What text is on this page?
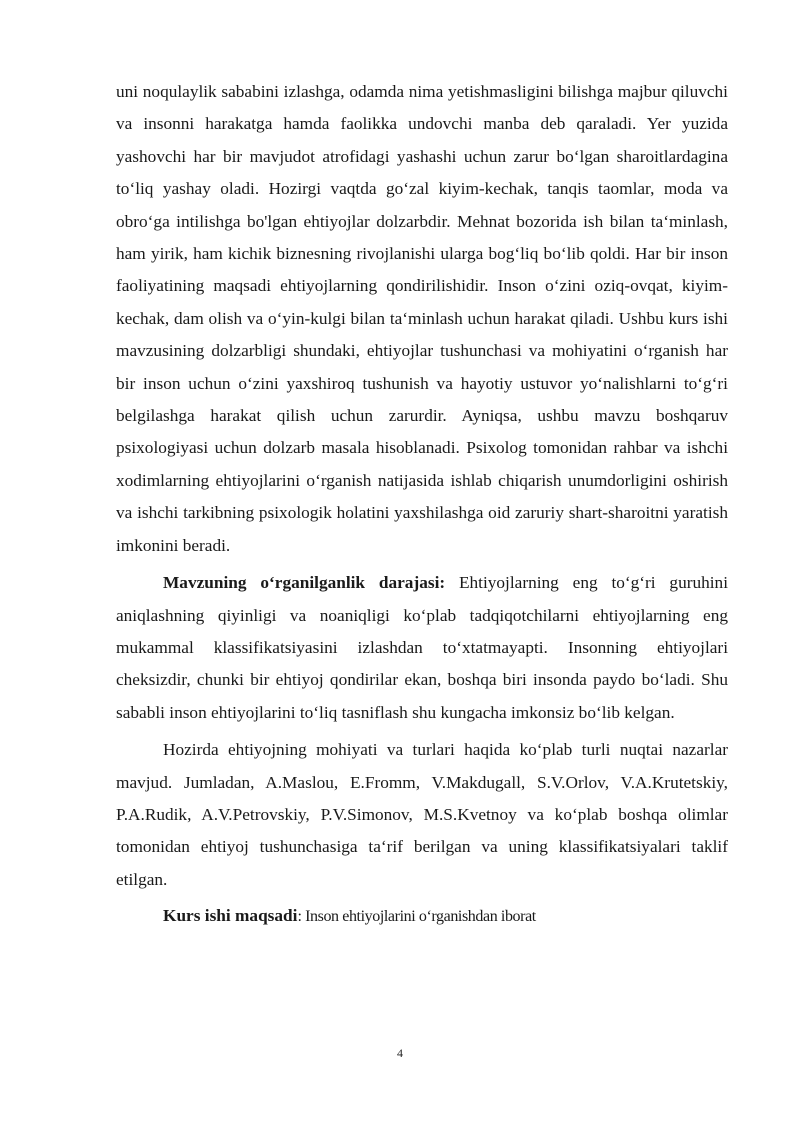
uni noqulaylik sababini izlashga, odamda nima yetishmasligini bilishga majbur qiluvchi va insonni harakatga hamda faolikka undovchi manba deb qaraladi. Yer yuzida yashovchi har bir mavjudot atrofidagi yashashi uchun zarur bo‘lgan sharoitlardagina to‘liq yashay oladi. Hozirgi vaqtda go‘zal kiyim-kechak, tanqis taomlar, moda va obro‘ga intilishga bo'lgan ehtiyojlar dolzarbdir. Mehnat bozorida ish bilan ta‘minlash, ham yirik, ham kichik biznesning rivojlanishi ularga bog‘liq bo‘lib qoldi. Har bir inson faoliyatining maqsadi ehtiyojlarning qondirilishidir. Inson o‘zini oziq-ovqat, kiyim-kechak, dam olish va o‘yin-kulgi bilan ta‘minlash uchun harakat qiladi. Ushbu kurs ishi mavzusining dolzarbligi shundaki, ehtiyojlar tushunchasi va mohiyatini o‘rganish har bir inson uchun o‘zini yaxshiroq tushunish va hayotiy ustuvor yo‘nalishlarni to‘g‘ri belgilashga harakat qilish uchun zarurdir. Ayniqsa, ushbu mavzu boshqaruv psixologiyasi uchun dolzarb masala hisoblanadi. Psixolog tomonidan rahbar va ishchi xodimlarning ehtiyojlarini o‘rganish natijasida ishlab chiqarish unumdorligini oshirish va ishchi tarkibning psixologik holatini yaxshilashga oid zaruriy shart-sharoitni yaratish imkonini beradi.

Mavzuning o‘rganilganlik darajasi: Ehtiyojlarning eng to‘g‘ri guruhini aniqlashning qiyinligi va noaniqligi ko‘plab tadqiqotchilarni ehtiyojlarning eng mukammal klassifikatsiyasini izlashdan to‘xtatmayapti. Insonning ehtiyojlari cheksizdir, chunki bir ehtiyoj qondirilar ekan, boshqa biri insonda paydo bo‘ladi. Shu sababli inson ehtiyojlarini to‘liq tasniflash shu kungacha imkonsiz bo‘lib kelgan.

Hozirda ehtiyojning mohiyati va turlari haqida ko‘plab turli nuqtai nazarlar mavjud. Jumladan, A.Maslou, E.Fromm, V.Makdugall, S.V.Orlov, V.A.Krutetskiy, P.A.Rudik, A.V.Petrovskiy, P.V.Simonov, M.S.Kvetnoy va ko‘plab boshqa olimlar tomonidan ehtiyoj tushunchasiga ta‘rif berilgan va uning klassifikatsiyalari taklif etilgan.

Kurs ishi maqsadi: Inson ehtiyojlarini o‘rganishdan iborat

4
